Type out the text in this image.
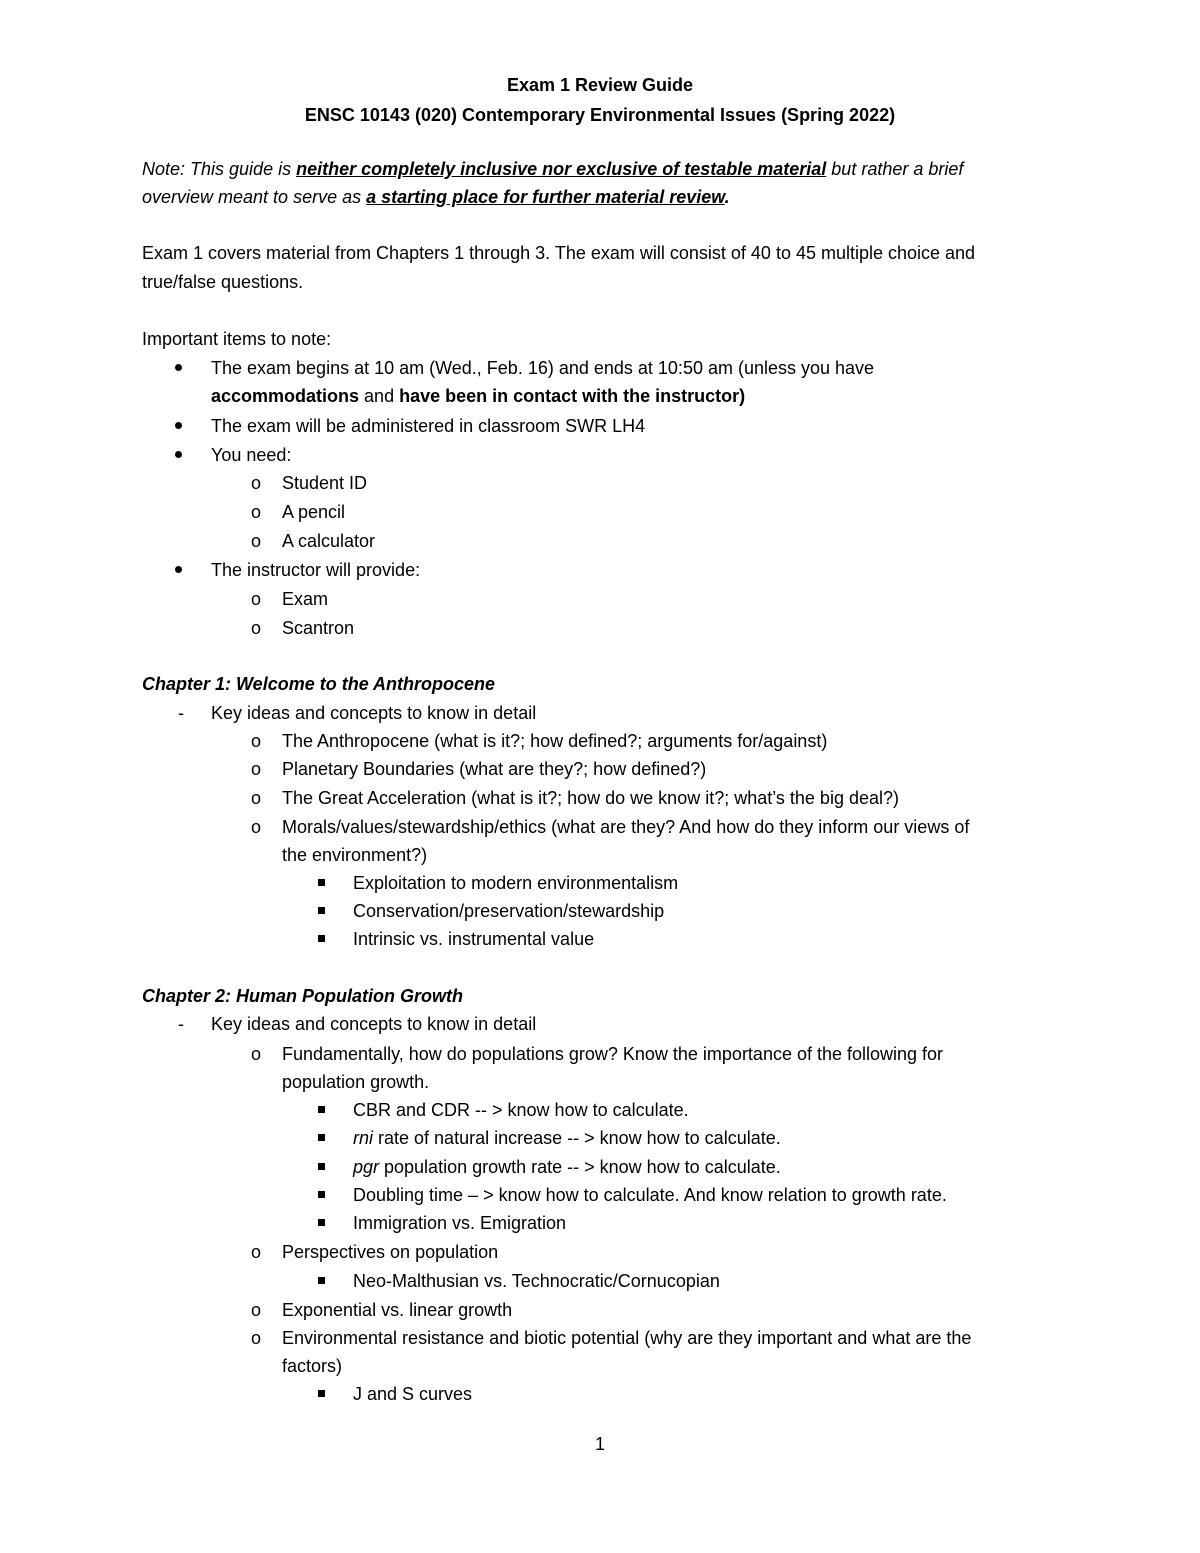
Exam 1 Review Guide
ENSC 10143 (020) Contemporary Environmental Issues (Spring 2022)
Note: This guide is neither completely inclusive nor exclusive of testable material but rather a brief
overview meant to serve as a starting place for further material review.
Exam 1 covers material from Chapters 1 through 3. The exam will consist of 40 to 45 multiple choice and
true/false questions.
Important items to note:
The exam begins at 10 am (Wed., Feb. 16) and ends at 10:50 am (unless you have
accommodations and have been in contact with the instructor)
The exam will be administered in classroom SWR LH4
You need:
o Student ID
o A pencil
o A calculator
The instructor will provide:
o Exam
o Scantron
Chapter 1: Welcome to the Anthropocene
- Key ideas and concepts to know in detail
o The Anthropocene (what is it?; how defined?; arguments for/against)
o Planetary Boundaries (what are they?; how defined?)
o The Great Acceleration (what is it?; how do we know it?; what’s the big deal?)
o Morals/values/stewardship/ethics (what are they? And how do they inform our views of
the environment?)
Exploitation to modern environmentalism
Conservation/preservation/stewardship
Intrinsic vs. instrumental value
Chapter 2: Human Population Growth
- Key ideas and concepts to know in detail
o Fundamentally, how do populations grow? Know the importance of the following for
population growth.
CBR and CDR -- > know how to calculate.
rni rate of natural increase -- > know how to calculate.
pgr population growth rate -- > know how to calculate.
Doubling time – > know how to calculate. And know relation to growth rate.
Immigration vs. Emigration
o Perspectives on population
Neo-Malthusian vs. Technocratic/Cornucopian
o Exponential vs. linear growth
o Environmental resistance and biotic potential (why are they important and what are the
factors)
J and S curves
1
